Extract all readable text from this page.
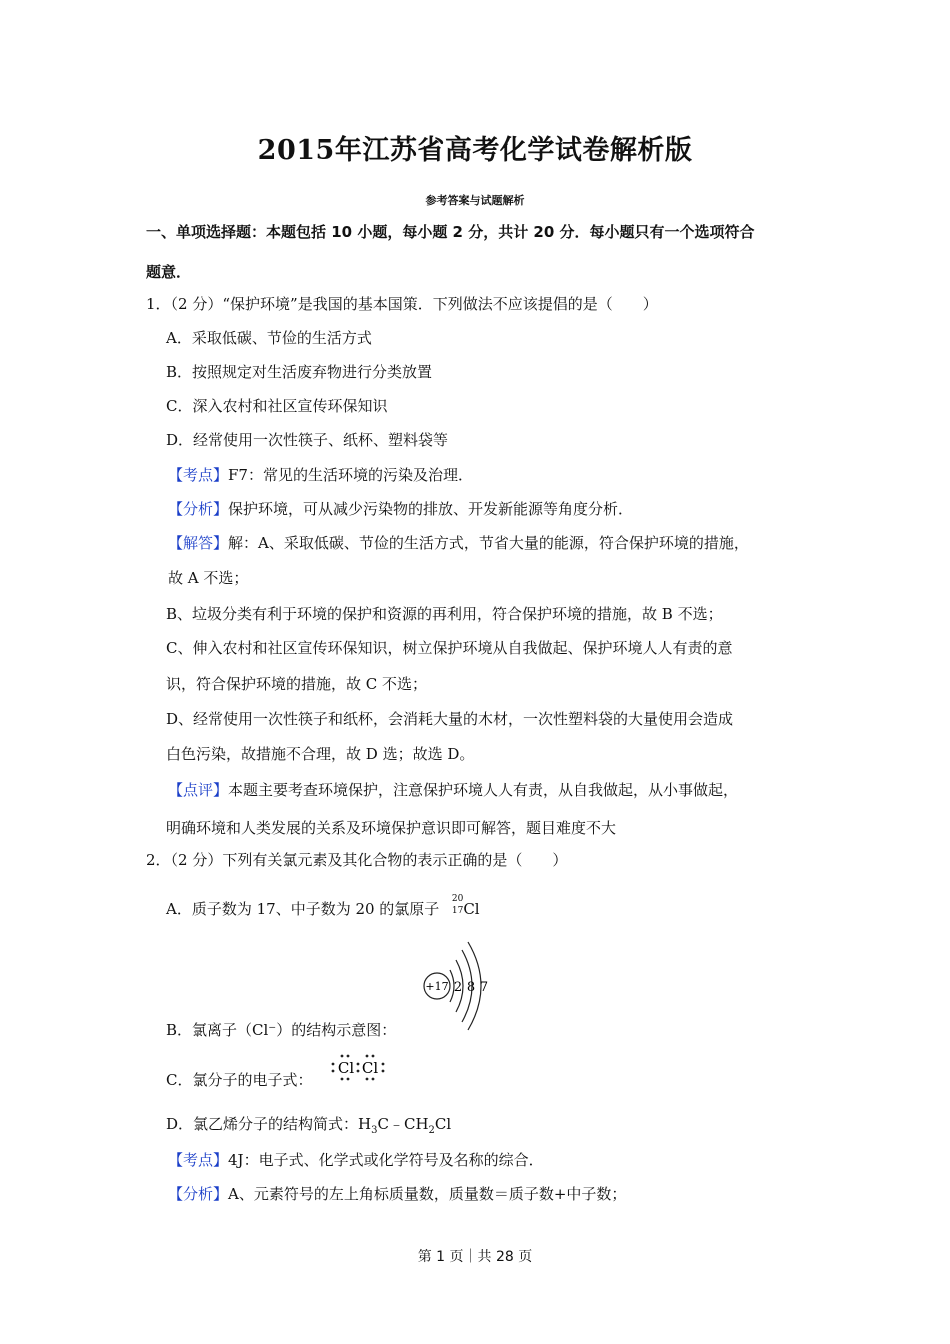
2015年江苏省高考化学试卷解析版
参考答案与试题解析
一、单项选择题：本题包括 10 小题，每小题 2 分，共计 20 分．每小题只有一个选项符合
题意．
1．（2 分）“保护环境”是我国的基本国策．下列做法不应该提倡的是（　　）
A．采取低碳、节俭的生活方式
B．按照规定对生活废弃物进行分类放置
C．深入农村和社区宣传环保知识
D．经常使用一次性筷子、纸杯、塑料袋等
【考点】F7：常见的生活环境的污染及治理．
【分析】保护环境，可从减少污染物的排放、开发新能源等角度分析．
【解答】解：A、采取低碳、节俭的生活方式，节省大量的能源，符合保护环境的措施，
故 A 不选；
B、垃圾分类有利于环境的保护和资源的再利用，符合保护环境的措施，故 B 不选；
C、伸入农村和社区宣传环保知识，树立保护环境从自我做起、保护环境人人有责的意
识，符合保护环境的措施，故 C 不选；
D、经常使用一次性筷子和纸杯，会消耗大量的木材，一次性塑料袋的大量使用会造成
白色污染，故措施不合理，故 D 选；故选 D。
【点评】本题主要考查环境保护，注意保护环境人人有责，从自我做起，从小事做起，
明确环境和人类发展的关系及环境保护意识即可解答，题目难度不大
2．（2 分）下列有关氯元素及其化合物的表示正确的是（　　）
A．质子数为 17、中子数为 20 的氯原子
20
17 Cl
+17 2 8 7
B．氯离子（Cl⁻）的结构示意图：
C．氯分子的电子式：
Cl Cl
D．氯乙烯分子的结构简式：$H_3C﹣CH_2Cl$
【考点】4J：电子式、化学式或化学符号及名称的综合．
【分析】A、元素符号的左上角标质量数，质量数＝质子数+中子数；
第 1 页｜共 28 页
